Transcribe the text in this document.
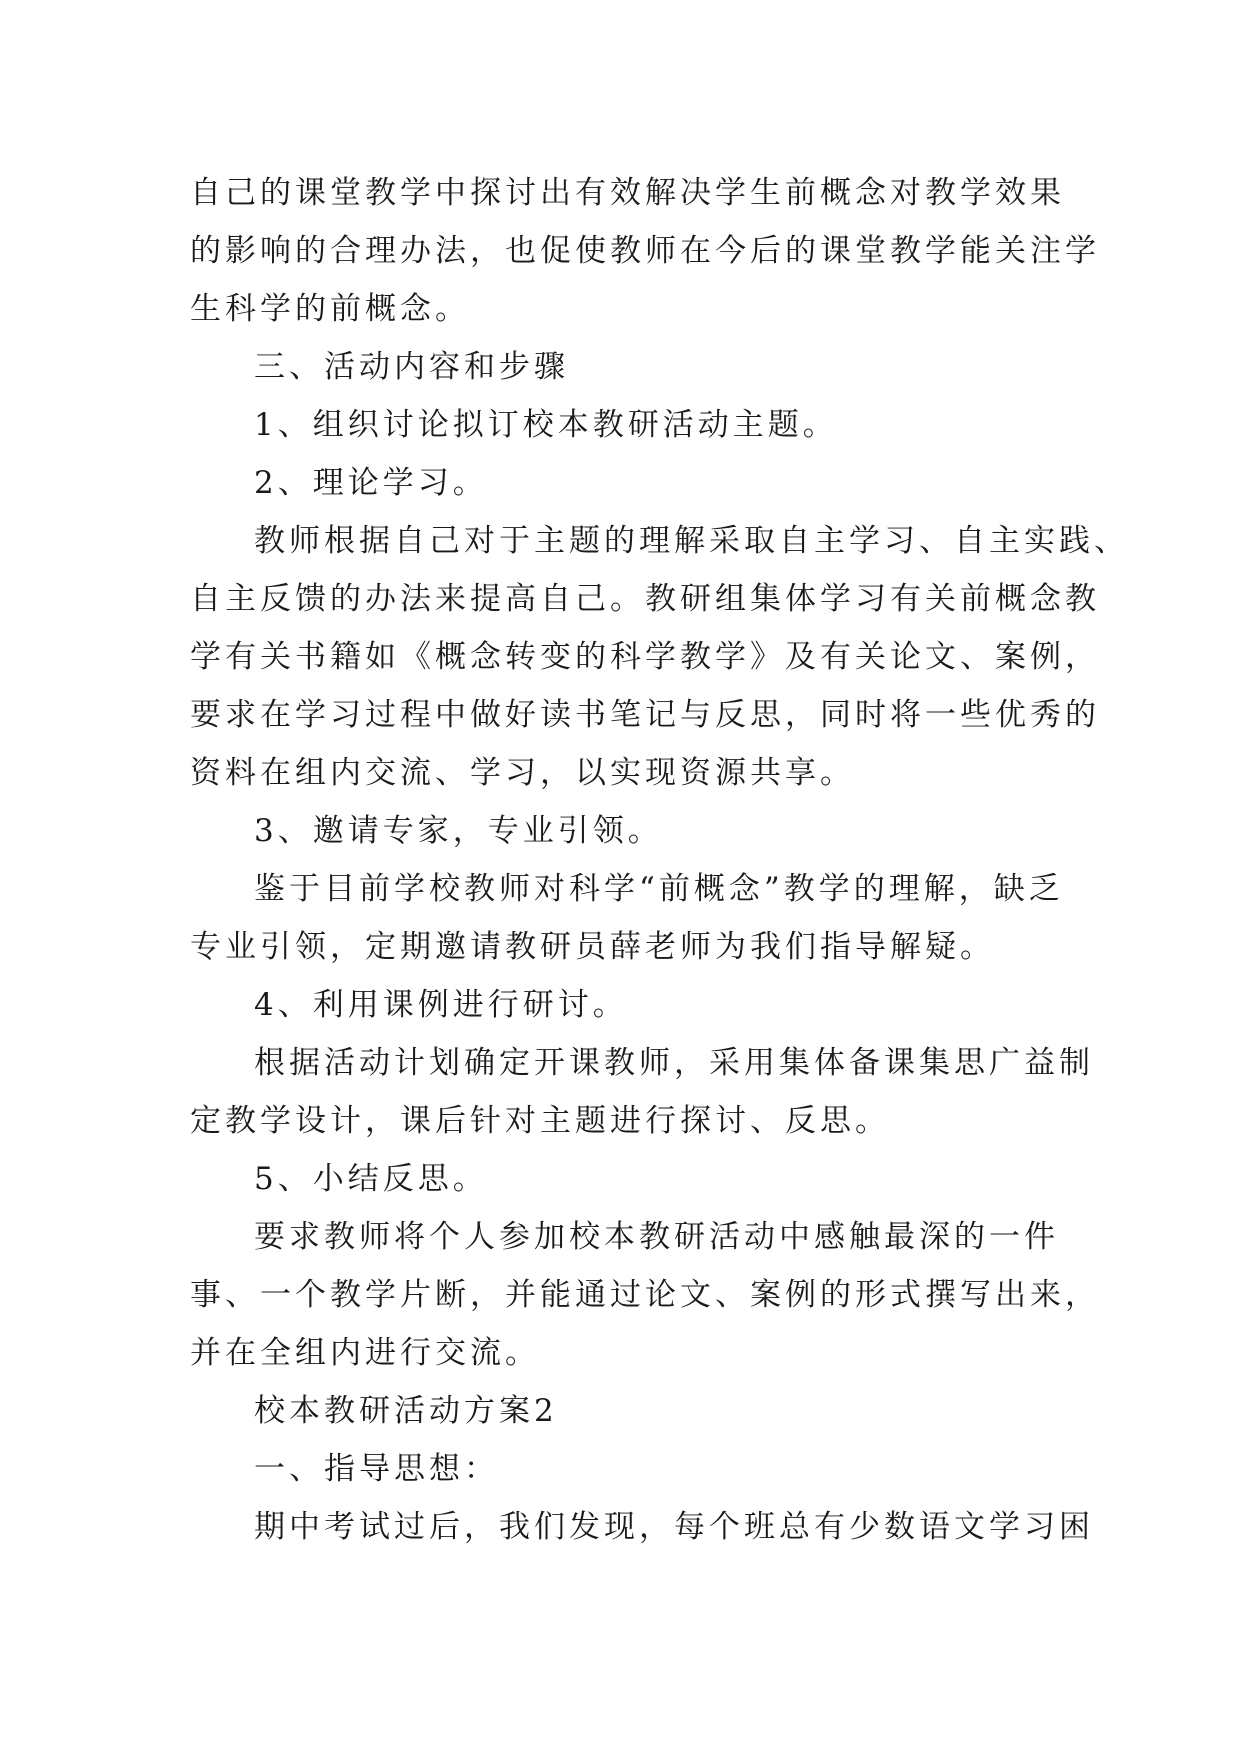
自己的课堂教学中探讨出有效解决学生前概念对教学效果
的影响的合理办法，也促使教师在今后的课堂教学能关注学
生科学的前概念。
三、活动内容和步骤
1、组织讨论拟订校本教研活动主题。
2、理论学习。
教师根据自己对于主题的理解采取自主学习、自主实践、
自主反馈的办法来提高自己。教研组集体学习有关前概念教
学有关书籍如《概念转变的科学教学》及有关论文、案例，
要求在学习过程中做好读书笔记与反思，同时将一些优秀的
资料在组内交流、学习，以实现资源共享。
3、邀请专家，专业引领。
鉴于目前学校教师对科学“前概念”教学的理解，缺乏
专业引领，定期邀请教研员薛老师为我们指导解疑。
4、利用课例进行研讨。
根据活动计划确定开课教师，采用集体备课集思广益制
定教学设计，课后针对主题进行探讨、反思。
5、小结反思。
要求教师将个人参加校本教研活动中感触最深的一件
事、一个教学片断，并能通过论文、案例的形式撰写出来，
并在全组内进行交流。
校本教研活动方案2
一、指导思想：
期中考试过后，我们发现，每个班总有少数语文学习困
